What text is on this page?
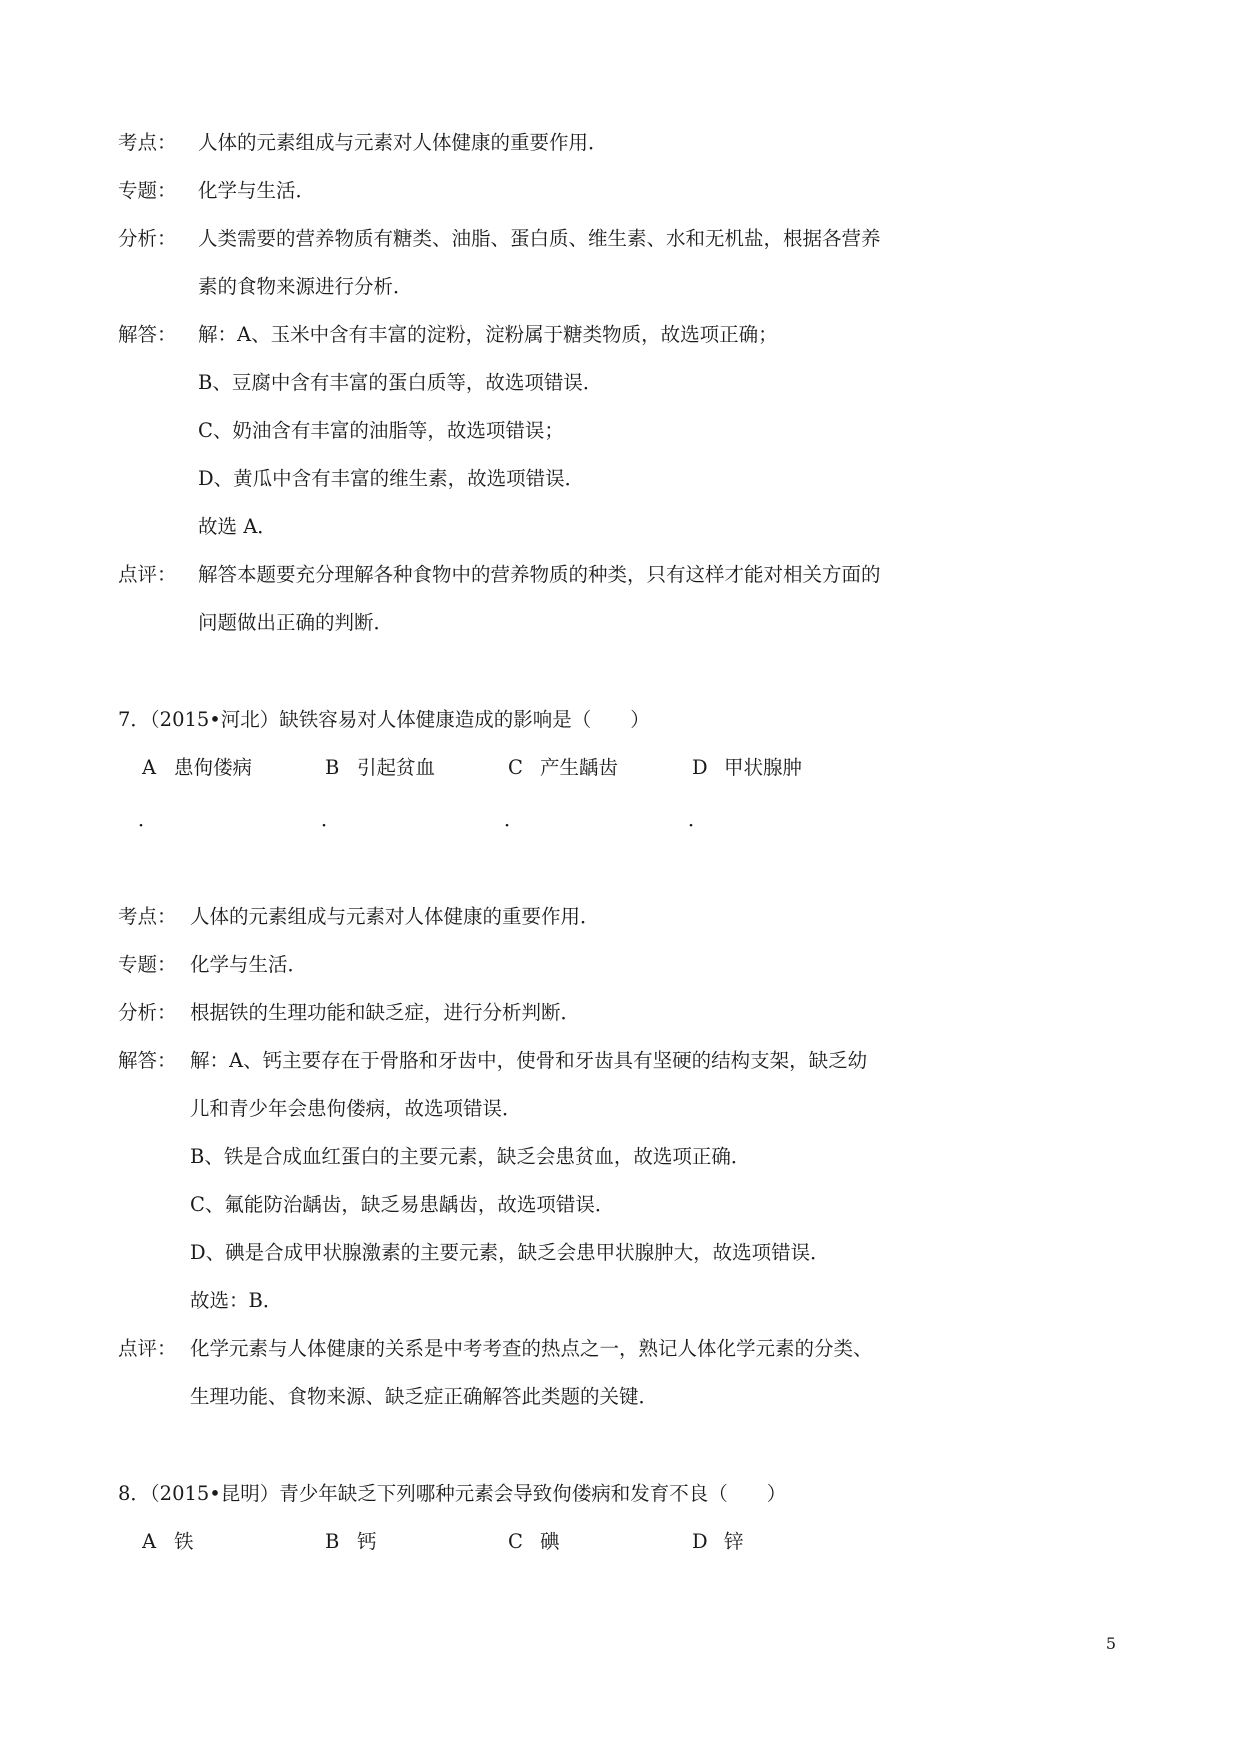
考点： 人体的元素组成与元素对人体健康的重要作用．
专题： 化学与生活．
分析： 人类需要的营养物质有糖类、油脂、蛋白质、维生素、水和无机盐，根据各营养
素的食物来源进行分析．
解答： 解：A、玉米中含有丰富的淀粉，淀粉属于糖类物质，故选项正确；
B、豆腐中含有丰富的蛋白质等，故选项错误．
C、奶油含有丰富的油脂等，故选项错误；
D、黄瓜中含有丰富的维生素，故选项错误．
故选 A．
点评： 解答本题要充分理解各种食物中的营养物质的种类，只有这样才能对相关方面的
问题做出正确的判断．
7．（2015•河北）缺铁容易对人体健康造成的影响是（　　）
A 患佝偻病	B 引起贫血	C 产生龋齿	D 甲状腺肿
．	．	．	．
考点： 人体的元素组成与元素对人体健康的重要作用．
专题： 化学与生活．
分析： 根据铁的生理功能和缺乏症，进行分析判断．
解答： 解：A、钙主要存在于骨胳和牙齿中，使骨和牙齿具有坚硬的结构支架，缺乏幼
儿和青少年会患佝偻病，故选项错误．
B、铁是合成血红蛋白的主要元素，缺乏会患贫血，故选项正确．
C、氟能防治龋齿，缺乏易患龋齿，故选项错误．
D、碘是合成甲状腺激素的主要元素，缺乏会患甲状腺肿大，故选项错误．
故选：B．
点评： 化学元素与人体健康的关系是中考考查的热点之一，熟记人体化学元素的分类、
生理功能、食物来源、缺乏症正确解答此类题的关键．
8．（2015•昆明）青少年缺乏下列哪种元素会导致佝偻病和发育不良（　　）
A 铁	B 钙	C 碘	D 锌
5
